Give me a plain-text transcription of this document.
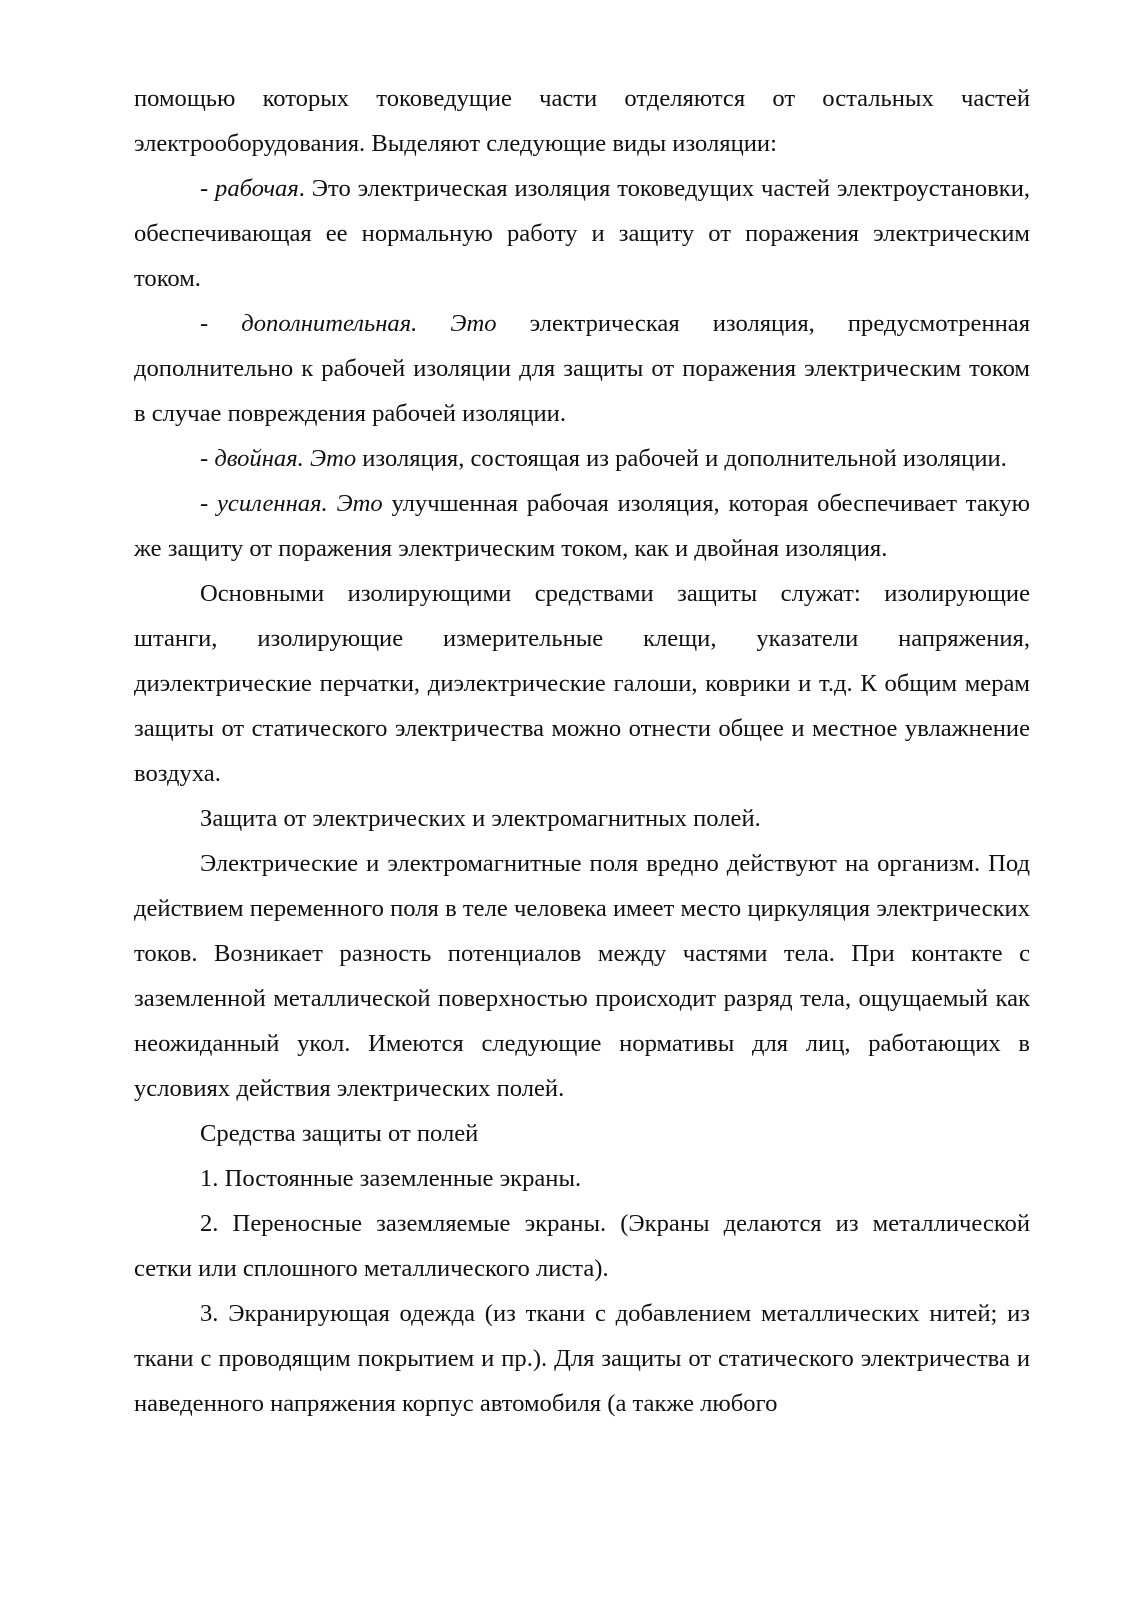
помощью которых токоведущие части отделяются от остальных частей электрооборудования. Выделяют следующие виды изоляции:

- рабочая. Это электрическая изоляция токоведущих частей электроустановки, обеспечивающая ее нормальную работу и защиту от поражения электрическим током.

- дополнительная. Это электрическая изоляция, предусмотренная дополнительно к рабочей изоляции для защиты от поражения электрическим током в случае повреждения рабочей изоляции.

- двойная. Это изоляция, состоящая из рабочей и дополнительной изоляции.

- усиленная. Это улучшенная рабочая изоляция, которая обеспечивает такую же защиту от поражения электрическим током, как и двойная изоляция.

Основными изолирующими средствами защиты служат: изолирующие штанги, изолирующие измерительные клещи, указатели напряжения, диэлектрические перчатки, диэлектрические галоши, коврики и т.д. К общим мерам защиты от статического электричества можно отнести общее и местное увлажнение воздуха.

Защита от электрических и электромагнитных полей.

Электрические и электромагнитные поля вредно действуют на организм. Под действием переменного поля в теле человека имеет место циркуляция электрических токов. Возникает разность потенциалов между частями тела. При контакте с заземленной металлической поверхностью происходит разряд тела, ощущаемый как неожиданный укол. Имеются следующие нормативы для лиц, работающих в условиях действия электрических полей.

Средства защиты от полей

1. Постоянные заземленные экраны.

2. Переносные заземляемые экраны. (Экраны делаются из металлической сетки или сплошного металлического листа).

3. Экранирующая одежда (из ткани с добавлением металлических нитей; из ткани с проводящим покрытием и пр.). Для защиты от статического электричества и наведенного напряжения корпус автомобиля (а также любого
